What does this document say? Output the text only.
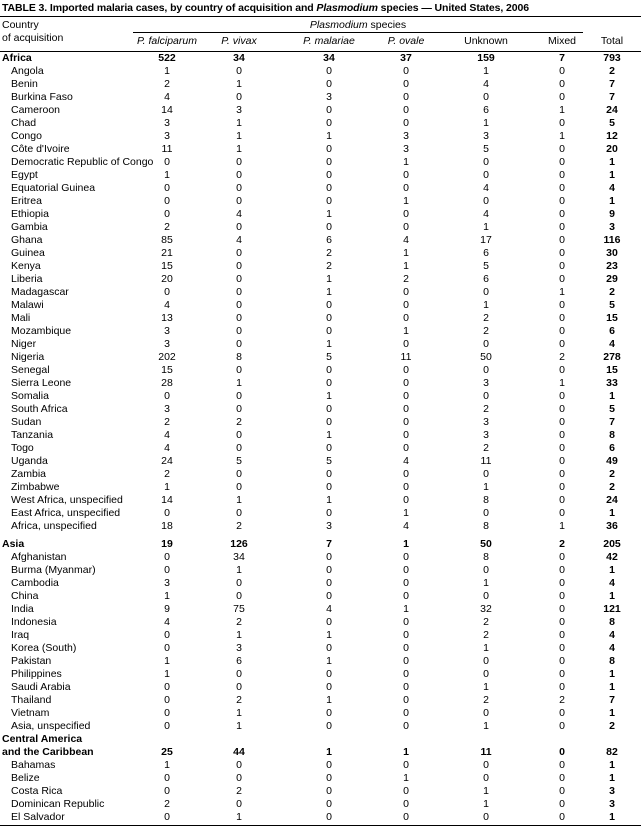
TABLE 3. Imported malaria cases, by country of acquisition and Plasmodium species — United States, 2006
Country
of acquisition
Plasmodium species
P. falciparum	P. vivax	P. malariae	P. ovale	Unknown	Mixed	Total
Africa	522	34	34	37	159	7	793
Angola	1	0	0	0	1	0	2
Benin	2	1	0	0	4	0	7
Burkina Faso	4	0	3	0	0	0	7
Cameroon	14	3	0	0	6	1	24
Chad	3	1	0	0	1	0	5
Congo	3	1	1	3	3	1	12
Côte d'Ivoire	11	1	0	3	5	0	20
Democratic Republic of Congo	0	0	0	1	0	0	1
Egypt	1	0	0	0	0	0	1
Equatorial Guinea	0	0	0	0	4	0	4
Eritrea	0	0	0	1	0	0	1
Ethiopia	0	4	1	0	4	0	9
Gambia	2	0	0	0	1	0	3
Ghana	85	4	6	4	17	0	116
Guinea	21	0	2	1	6	0	30
Kenya	15	0	2	1	5	0	23
Liberia	20	0	1	2	6	0	29
Madagascar	0	0	1	0	0	1	2
Malawi	4	0	0	0	1	0	5
Mali	13	0	0	0	2	0	15
Mozambique	3	0	0	1	2	0	6
Niger	3	0	1	0	0	0	4
Nigeria	202	8	5	11	50	2	278
Senegal	15	0	0	0	0	0	15
Sierra Leone	28	1	0	0	3	1	33
Somalia	0	0	1	0	0	0	1
South Africa	3	0	0	0	2	0	5
Sudan	2	2	0	0	3	0	7
Tanzania	4	0	1	0	3	0	8
Togo	4	0	0	0	2	0	6
Uganda	24	5	5	4	11	0	49
Zambia	2	0	0	0	0	0	2
Zimbabwe	1	0	0	0	1	0	2
West Africa, unspecified	14	1	1	0	8	0	24
East Africa, unspecified	0	0	0	1	0	0	1
Africa, unspecified	18	2	3	4	8	1	36
Asia	19	126	7	1	50	2	205
Afghanistan	0	34	0	0	8	0	42
Burma (Myanmar)	0	1	0	0	0	0	1
Cambodia	3	0	0	0	1	0	4
China	1	0	0	0	0	0	1
India	9	75	4	1	32	0	121
Indonesia	4	2	0	0	2	0	8
Iraq	0	1	1	0	2	0	4
Korea (South)	0	3	0	0	1	0	4
Pakistan	1	6	1	0	0	0	8
Philippines	1	0	0	0	0	0	1
Saudi Arabia	0	0	0	0	1	0	1
Thailand	0	2	1	0	2	2	7
Vietnam	0	1	0	0	0	0	1
Asia, unspecified	0	1	0	0	1	0	2
Central America
and the Caribbean	25	44	1	1	11	0	82
Bahamas	1	0	0	0	0	0	1
Belize	0	0	0	1	0	0	1
Costa Rica	0	2	0	0	1	0	3
Dominican Republic	2	0	0	0	1	0	3
El Salvador	0	1	0	0	0	0	1
